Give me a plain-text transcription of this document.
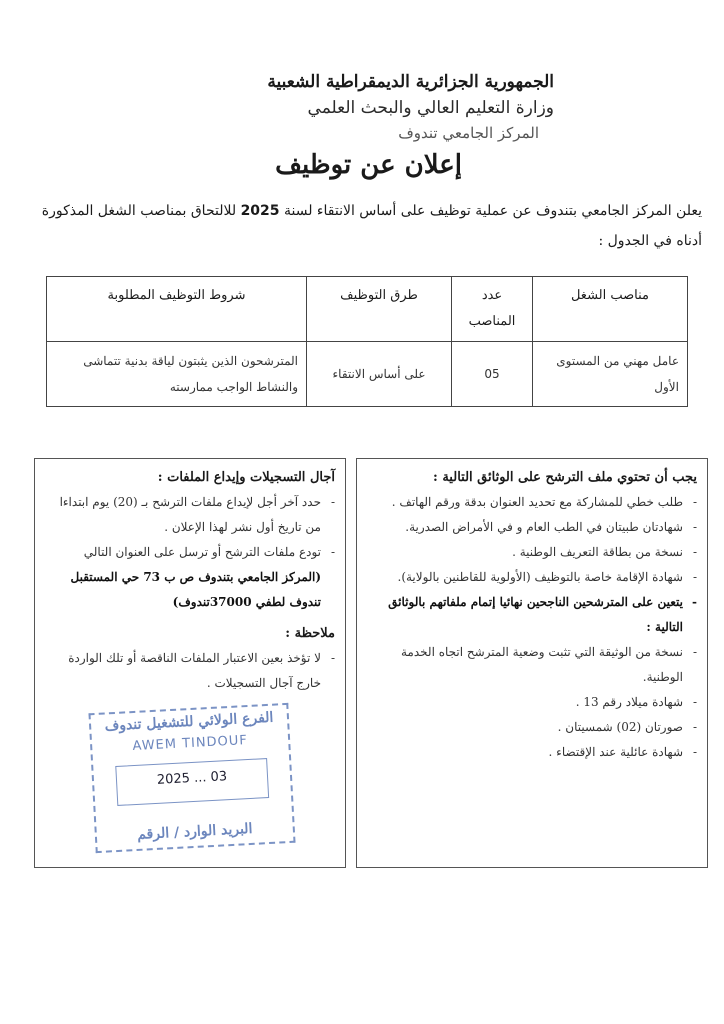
الجمهورية الجزائرية الديمقراطية الشعبية
وزارة التعليم العالي والبحث العلمي
المركز الجامعي تندوف
إعلان عن توظيف
يعلن المركز الجامعي بتندوف عن عملية توظيف على أساس الانتقاء لسنة 2025 للالتحاق بمناصب الشغل المذكورة أدناه في الجدول :
مناصب الشغل	عدد المناصب	طرق التوظيف	شروط التوظيف المطلوبة
عامل مهني من المستوى الأول	05	على أساس الانتقاء	المترشحون الذين يثبتون لياقة بدنية تتماشى والنشاط الواجب ممارسته
يجب أن تحتوي ملف الترشح على الوثائق التالية :
- طلب خطي للمشاركة مع تحديد العنوان بدقة ورقم الهاتف .
- شهادتان طبيتان في الطب العام و في الأمراض الصدرية.
- نسخة من بطاقة التعريف الوطنية .
- شهادة الإقامة خاصة بالتوظيف (الأولوية للقاطنين بالولاية).
- يتعين على المترشحين الناجحين نهائيا إتمام ملفاتهم بالوثائق التالية :
- نسخة من الوثيقة التي تثبت وضعية المترشح اتجاه الخدمة الوطنية.
- شهادة ميلاد رقم 13 .
- صورتان (02) شمسيتان .
- شهادة عائلية عند الإقتضاء .
آجال التسجيلات وإيداع الملفات :
- حدد آخر أجل لإيداع ملفات الترشح بـ (20) يوم ابتداءا من تاريخ أول نشر لهذا الإعلان .
- تودع ملفات الترشح أو ترسل على العنوان التالي
(المركز الجامعي بتندوف ص ب 73 حي المستقبل تندوف لطفي 37000تندوف)
ملاحظة :
- لا تؤخذ بعين الاعتبار الملفات الناقصة أو تلك الواردة خارج آجال التسجيلات .
الفرع الولائي للتشغيل تندوف
AWEM TINDOUF
2025 ... 03
البريد الوارد / الرقم
